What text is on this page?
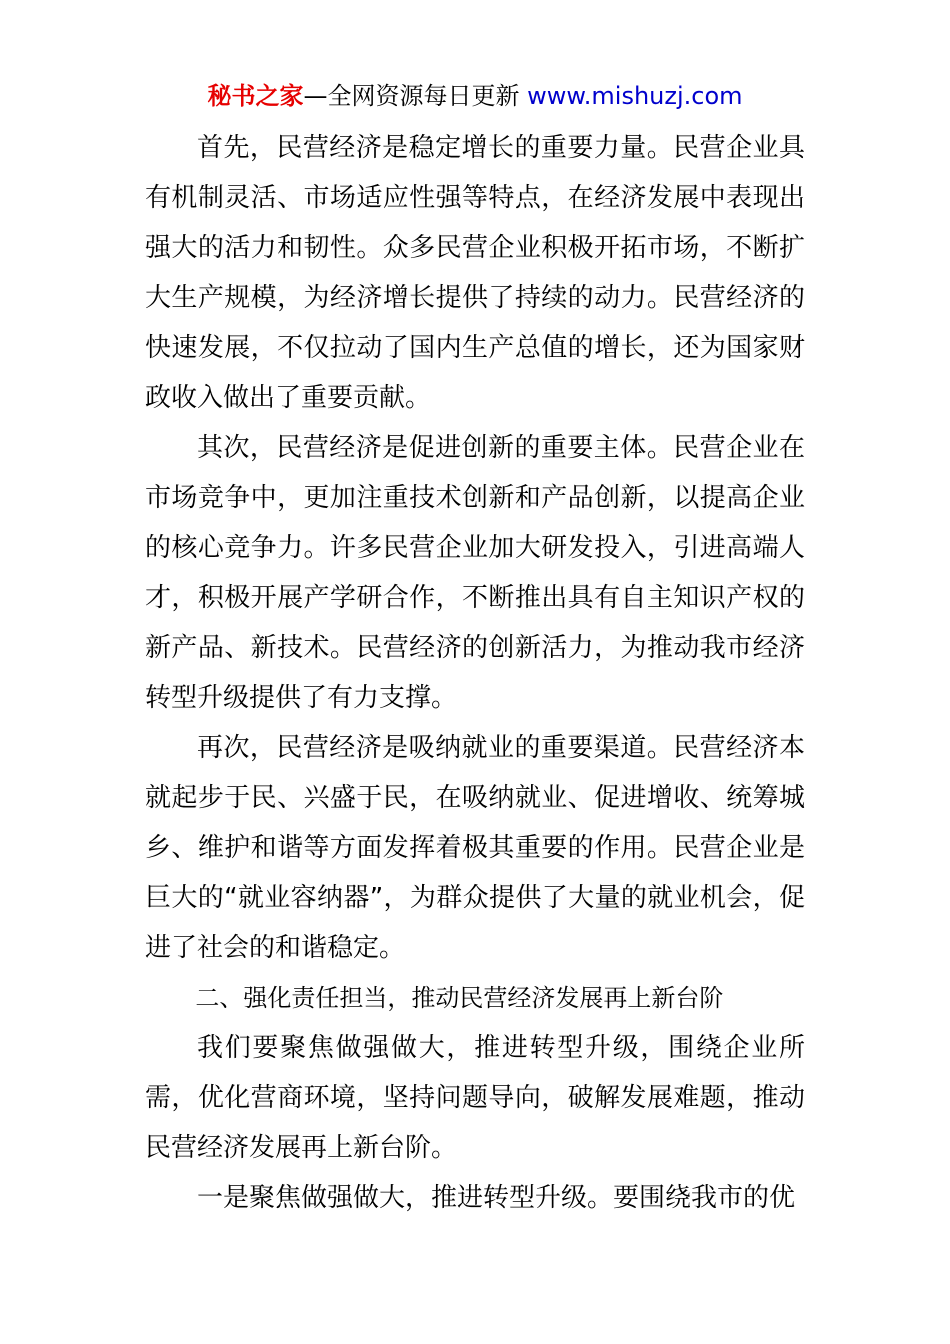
秘书之家—全网资源每日更新 www.mishuzj.com

首先，民营经济是稳定增长的重要力量。民营企业具有机制灵活、市场适应性强等特点，在经济发展中表现出强大的活力和韧性。众多民营企业积极开拓市场，不断扩大生产规模，为经济增长提供了持续的动力。民营经济的快速发展，不仅拉动了国内生产总值的增长，还为国家财政收入做出了重要贡献。

其次，民营经济是促进创新的重要主体。民营企业在市场竞争中，更加注重技术创新和产品创新，以提高企业的核心竞争力。许多民营企业加大研发投入，引进高端人才，积极开展产学研合作，不断推出具有自主知识产权的新产品、新技术。民营经济的创新活力，为推动我市经济转型升级提供了有力支撑。

再次，民营经济是吸纳就业的重要渠道。民营经济本就起步于民、兴盛于民，在吸纳就业、促进增收、统筹城乡、维护和谐等方面发挥着极其重要的作用。民营企业是巨大的“就业容纳器”，为群众提供了大量的就业机会，促进了社会的和谐稳定。

二、强化责任担当，推动民营经济发展再上新台阶

我们要聚焦做强做大，推进转型升级，围绕企业所需，优化营商环境，坚持问题导向，破解发展难题，推动民营经济发展再上新台阶。

一是聚焦做强做大，推进转型升级。要围绕我市的优
